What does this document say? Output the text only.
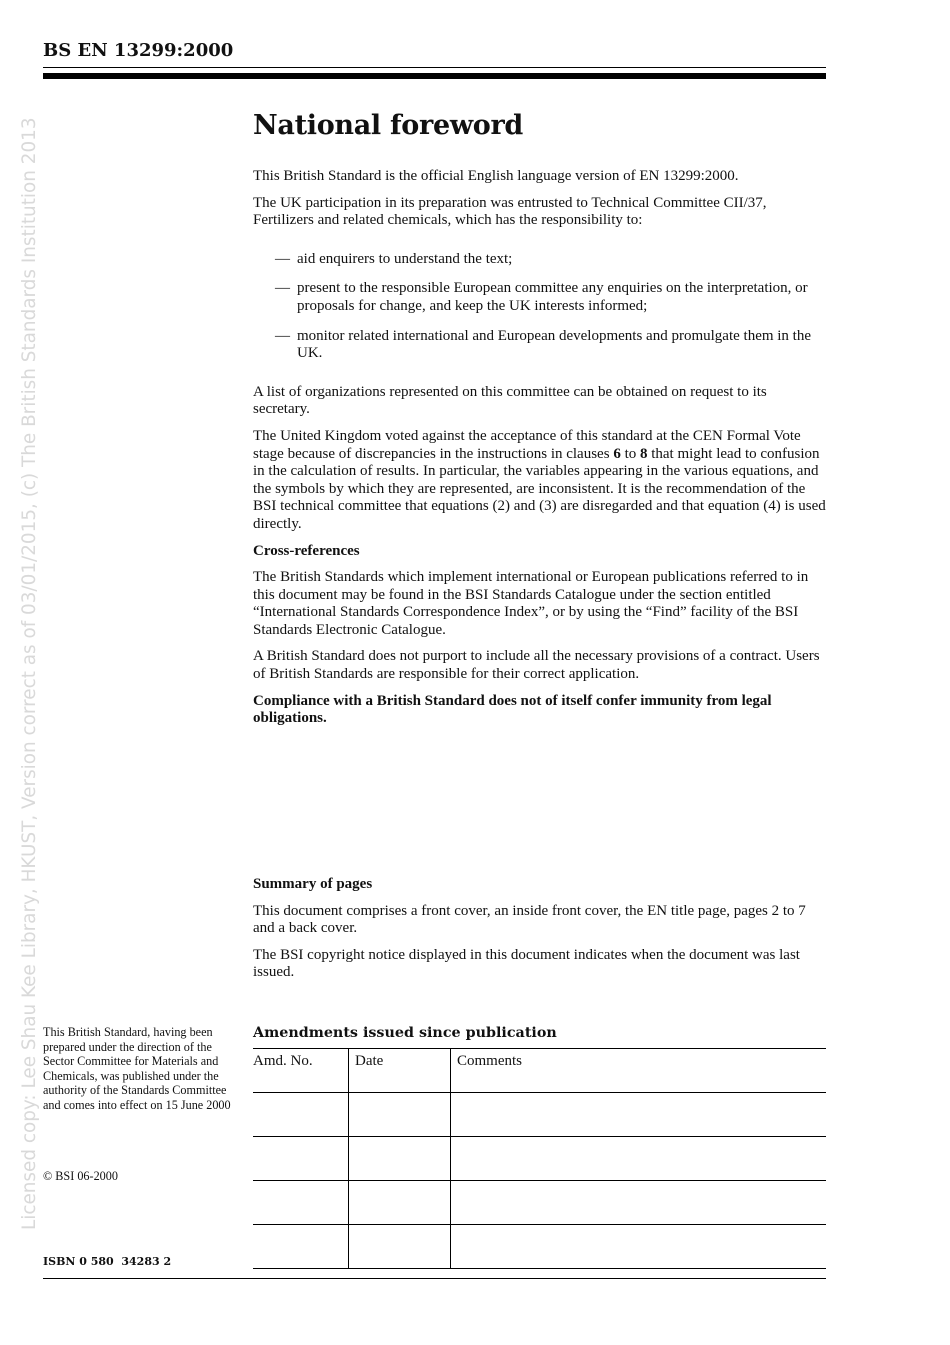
BS EN 13299:2000
Licensed copy: Lee Shau Kee Library, HKUST, Version correct as of 03/01/2015, (c) The British Standards Institution 2013	National foreword

This British Standard is the official English language version of EN 13299:2000.

The UK participation in its preparation was entrusted to Technical Committee CII/37, Fertilizers and related chemicals, which has the responsibility to:

— aid enquirers to understand the text;
— present to the responsible European committee any enquiries on the interpretation, or proposals for change, and keep the UK interests informed;
— monitor related international and European developments and promulgate them in the UK.

A list of organizations represented on this committee can be obtained on request to its secretary.

The United Kingdom voted against the acceptance of this standard at the CEN Formal Vote stage because of discrepancies in the instructions in clauses 6 to 8 that might lead to confusion in the calculation of results. In particular, the variables appearing in the various equations, and the symbols by which they are represented, are inconsistent. It is the recommendation of the BSI technical committee that equations (2) and (3) are disregarded and that equation (4) is used directly.

Cross-references

The British Standards which implement international or European publications referred to in this document may be found in the BSI Standards Catalogue under the section entitled “International Standards Correspondence Index”, or by using the “Find” facility of the BSI Standards Electronic Catalogue.

A British Standard does not purport to include all the necessary provisions of a contract. Users of British Standards are responsible for their correct application.

Compliance with a British Standard does not of itself confer immunity from legal obligations.

Summary of pages

This document comprises a front cover, an inside front cover, the EN title page, pages 2 to 7 and a back cover.

The BSI copyright notice displayed in this document indicates when the document was last issued.

This British Standard, having been prepared under the direction of the Sector Committee for Materials and Chemicals, was published under the authority of the Standards Committee and comes into effect on 15 June 2000
© BSI 06-2000
ISBN 0 580  34283 2
Amendments issued since publication
Amd. No.	Date	Comments
